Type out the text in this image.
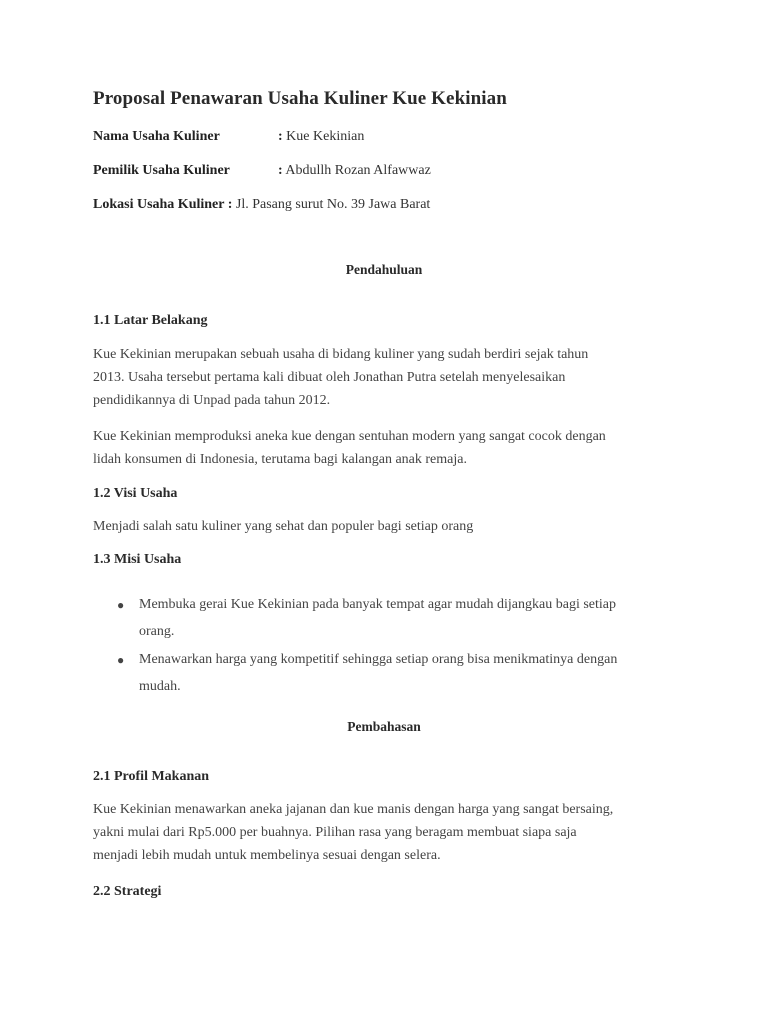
Proposal Penawaran Usaha Kuliner Kue Kekinian
Nama Usaha Kuliner	: Kue Kekinian
Pemilik Usaha Kuliner	: Abdullh Rozan Alfawwaz
Lokasi Usaha Kuliner : Jl. Pasang surut No. 39 Jawa Barat
Pendahuluan
1.1 Latar Belakang
Kue Kekinian merupakan sebuah usaha di bidang kuliner yang sudah berdiri sejak tahun
2013. Usaha tersebut pertama kali dibuat oleh Jonathan Putra setelah menyelesaikan
pendidikannya di Unpad pada tahun 2012.
Kue Kekinian memproduksi aneka kue dengan sentuhan modern yang sangat cocok dengan
lidah konsumen di Indonesia, terutama bagi kalangan anak remaja.
1.2 Visi Usaha
Menjadi salah satu kuliner yang sehat dan populer bagi setiap orang
1.3 Misi Usaha
● Membuka gerai Kue Kekinian pada banyak tempat agar mudah dijangkau bagi setiap
orang.
● Menawarkan harga yang kompetitif sehingga setiap orang bisa menikmatinya dengan
mudah.
Pembahasan
2.1 Profil Makanan
Kue Kekinian menawarkan aneka jajanan dan kue manis dengan harga yang sangat bersaing,
yakni mulai dari Rp5.000 per buahnya. Pilihan rasa yang beragam membuat siapa saja
menjadi lebih mudah untuk membelinya sesuai dengan selera.
2.2 Strategi
